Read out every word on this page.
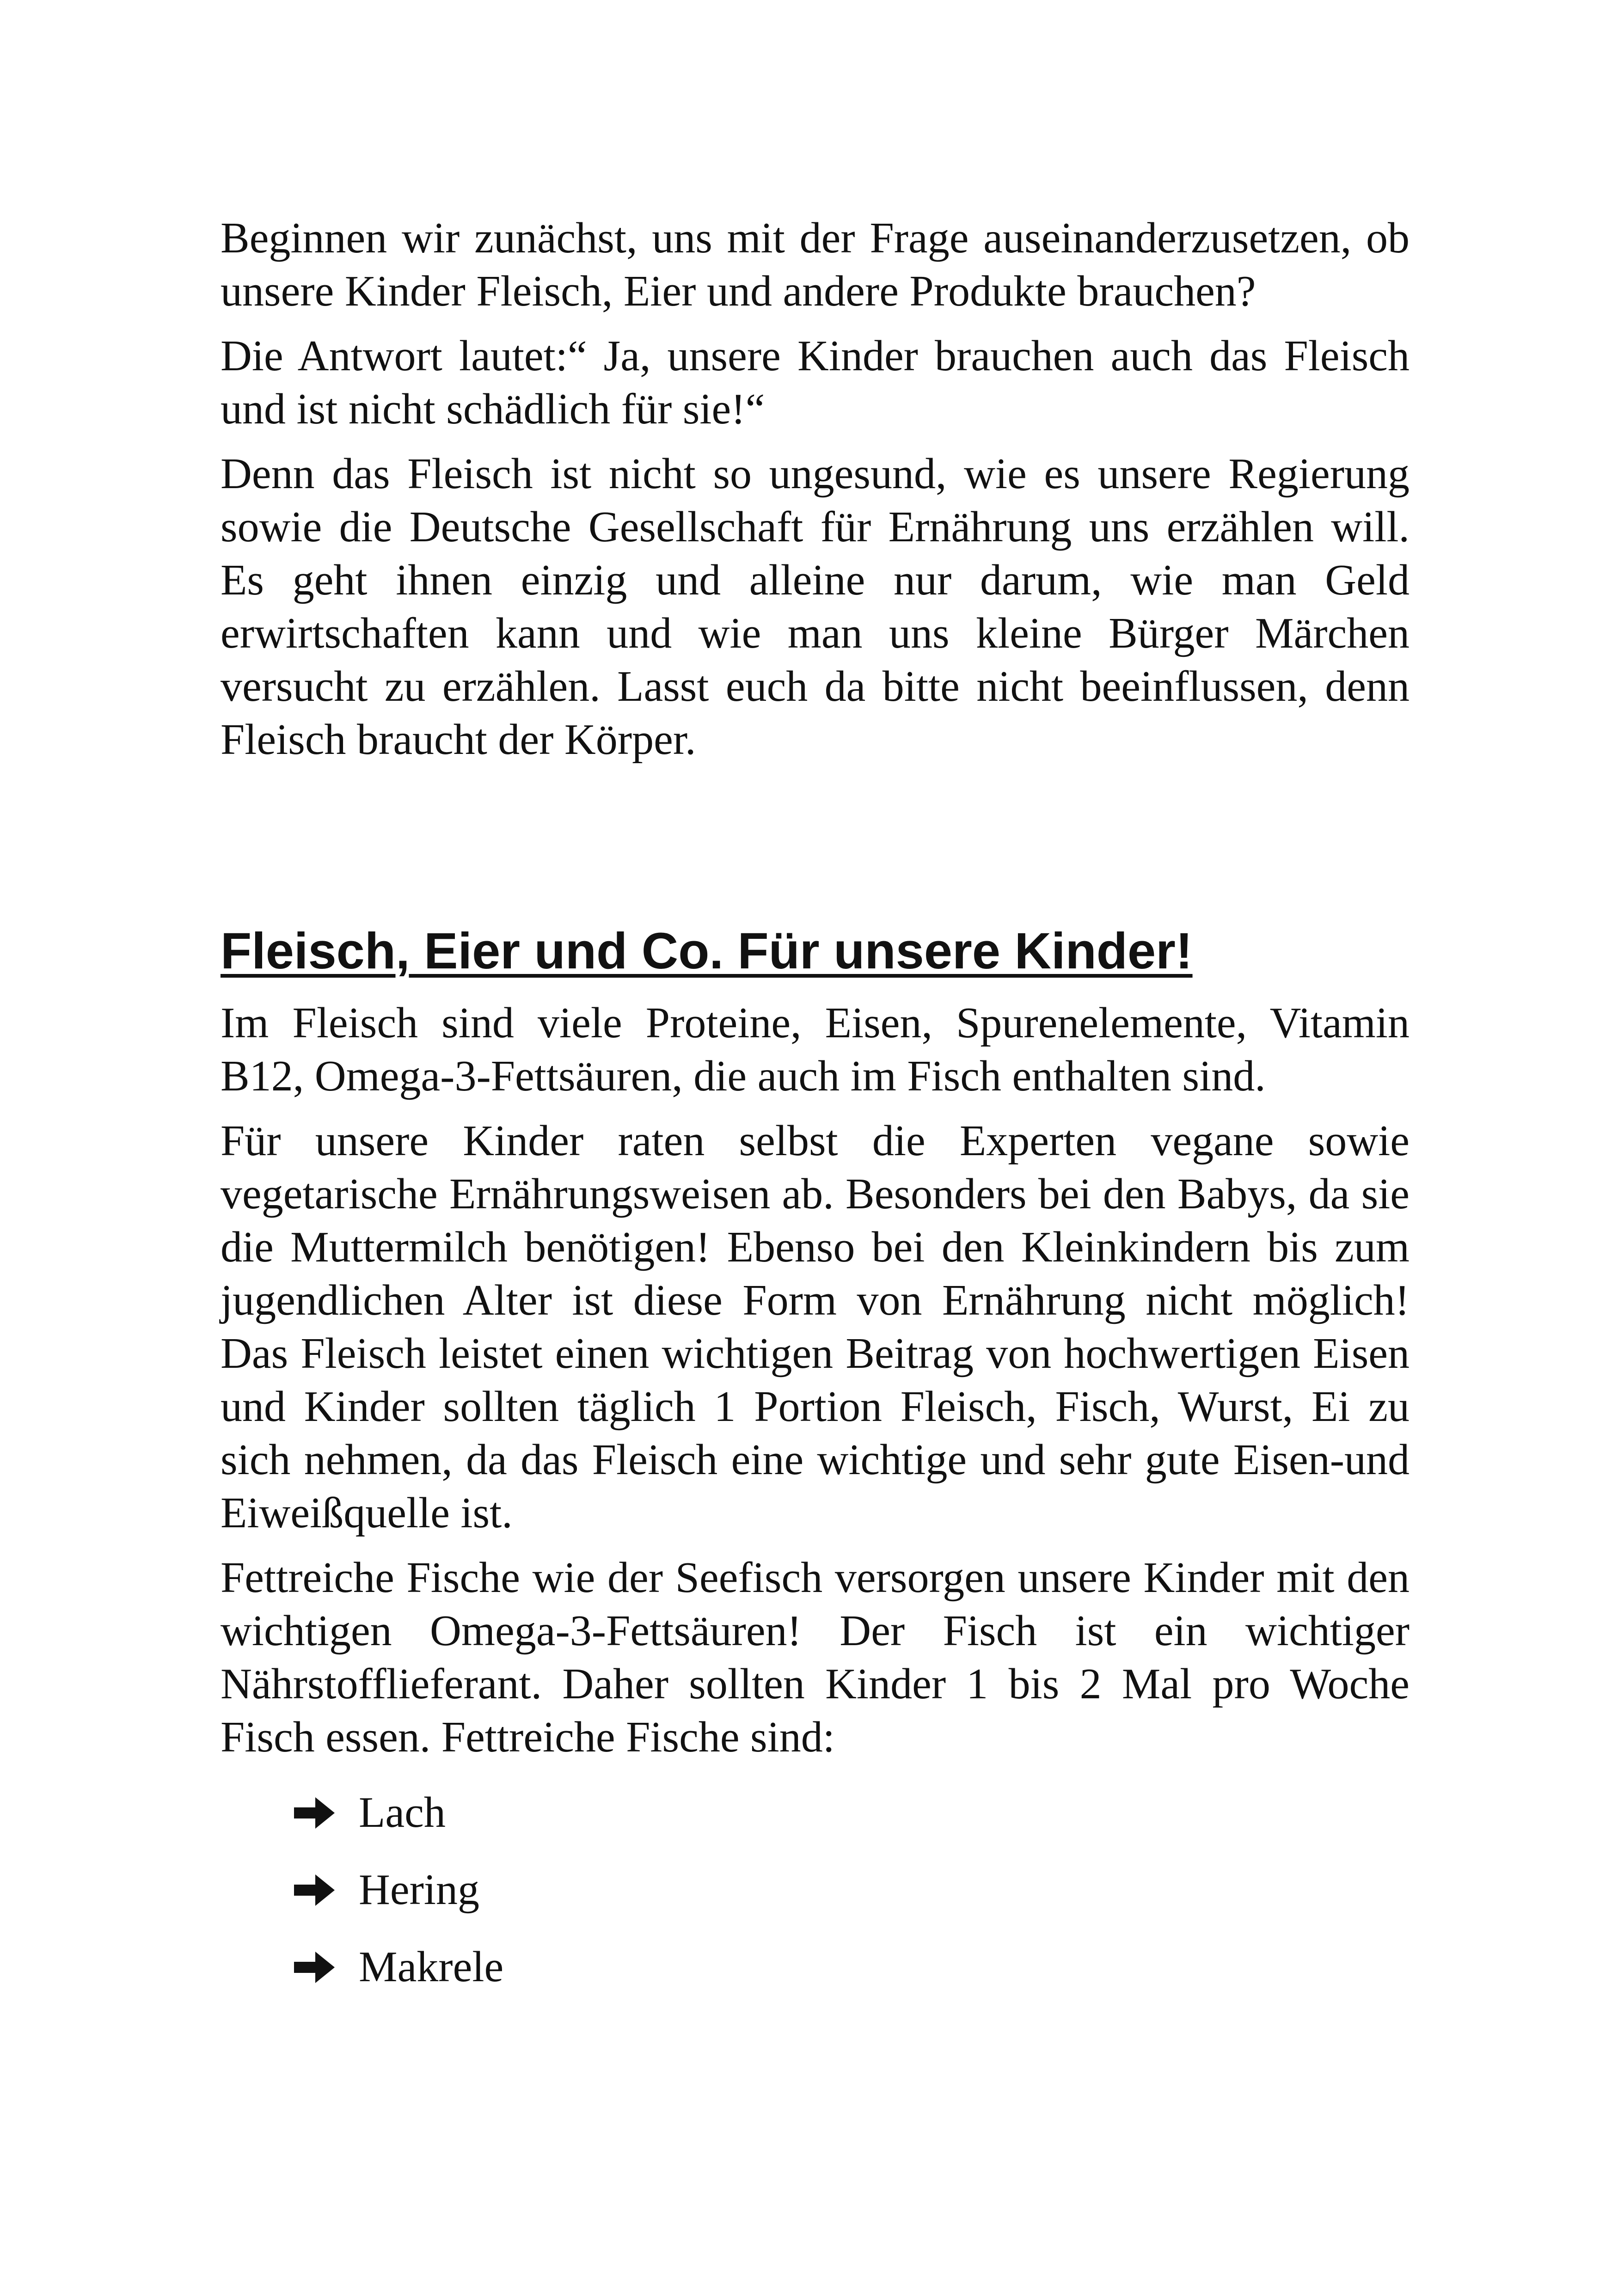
Beginnen wir zunächst, uns mit der Frage auseinanderzusetzen, ob unsere Kinder Fleisch, Eier und andere Produkte brauchen?

Die Antwort lautet:“ Ja, unsere Kinder brauchen auch das Fleisch und ist nicht schädlich für sie!“

Denn das Fleisch ist nicht so ungesund, wie es unsere Regierung sowie die Deutsche Gesellschaft für Ernährung uns erzählen will. Es geht ihnen einzig und alleine nur darum, wie man Geld erwirtschaften kann und wie man uns kleine Bürger Märchen versucht zu erzählen. Lasst euch da bitte nicht beeinflussen, denn Fleisch braucht der Körper.

Fleisch, Eier und Co. Für unsere Kinder!

Im Fleisch sind viele Proteine, Eisen, Spurenelemente, Vitamin B12, Omega-3-Fettsäuren, die auch im Fisch enthalten sind.

Für unsere Kinder raten selbst die Experten vegane sowie vegetarische Ernährungsweisen ab. Besonders bei den Babys, da sie die Muttermilch benötigen! Ebenso bei den Kleinkindern bis zum jugendlichen Alter ist diese Form von Ernährung nicht möglich! Das Fleisch leistet einen wichtigen Beitrag von hochwertigen Eisen und Kinder sollten täglich 1 Portion Fleisch, Fisch, Wurst, Ei zu sich nehmen, da das Fleisch eine wichtige und sehr gute Eisen-und Eiweißquelle ist.

Fettreiche Fische wie der Seefisch versorgen unsere Kinder mit den wichtigen Omega-3-Fettsäuren! Der Fisch ist ein wichtiger Nährstofflieferant. Daher sollten Kinder 1 bis 2 Mal pro Woche Fisch essen. Fettreiche Fische sind:

Lach
Hering
Makrele
